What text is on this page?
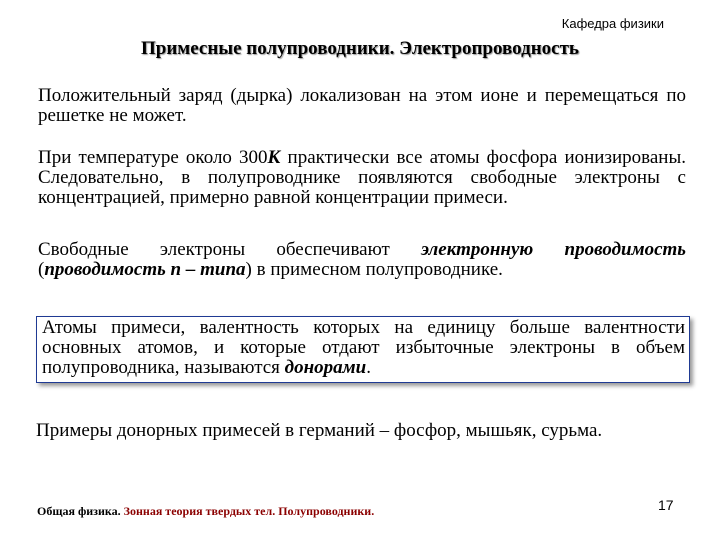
Кафедра физики
Примесные полупроводники. Электропроводность
Положительный заряд (дырка) локализован на этом ионе и перемещаться по решетке не может.
При температуре около 300К практически все атомы фосфора ионизированы. Следовательно, в полупроводнике появляются свободные электроны с концентрацией, примерно равной концентрации примеси.
Свободные электроны обеспечивают электронную проводимость (проводимость n – типа) в примесном полупроводнике.
Атомы примеси, валентность которых на единицу больше валентности основных атомов, и которые отдают избыточные электроны в объем полупроводника, называются донорами.
Примеры донорных примесей в германий – фосфор, мышьяк, сурьма.
Общая физика. Зонная теория твердых тел. Полупроводники.	17
